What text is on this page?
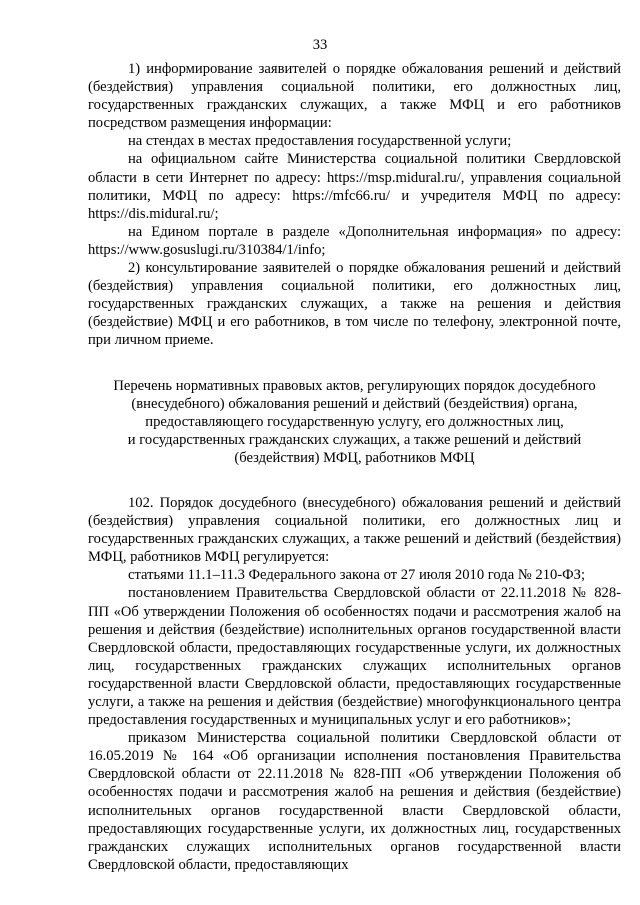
33

1) информирование заявителей о порядке обжалования решений и действий (бездействия) управления социальной политики, его должностных лиц, государственных гражданских служащих, а также МФЦ и его работников посредством размещения информации:

на стендах в местах предоставления государственной услуги;

на официальном сайте Министерства социальной политики Свердловской области в сети Интернет по адресу: https://msp.midural.ru/, управления социальной политики, МФЦ по адресу: https://mfc66.ru/ и учредителя МФЦ по адресу: https://dis.midural.ru/;

на Едином портале в разделе «Дополнительная информация» по адресу: https://www.gosuslugi.ru/310384/1/info;

2) консультирование заявителей о порядке обжалования решений и действий (бездействия) управления социальной политики, его должностных лиц, государственных гражданских служащих, а также на решения и действия (бездействие) МФЦ и его работников, в том числе по телефону, электронной почте, при личном приеме.

Перечень нормативных правовых актов, регулирующих порядок досудебного
(внесудебного) обжалования решений и действий (бездействия) органа,
предоставляющего государственную услугу, его должностных лиц,
и государственных гражданских служащих, а также решений и действий
(бездействия) МФЦ, работников МФЦ

102. Порядок досудебного (внесудебного) обжалования решений и действий (бездействия) управления социальной политики, его должностных лиц и государственных гражданских служащих, а также решений и действий (бездействия) МФЦ, работников МФЦ регулируется:

статьями 11.1–11.3 Федерального закона от 27 июля 2010 года № 210-ФЗ;

постановлением Правительства Свердловской области от 22.11.2018 № 828-ПП «Об утверждении Положения об особенностях подачи и рассмотрения жалоб на решения и действия (бездействие) исполнительных органов государственной власти Свердловской области, предоставляющих государственные услуги, их должностных лиц, государственных гражданских служащих исполнительных органов государственной власти Свердловской области, предоставляющих государственные услуги, а также на решения и действия (бездействие) многофункционального центра предоставления государственных и муниципальных услуг и его работников»;

приказом Министерства социальной политики Свердловской области от 16.05.2019 № 164 «Об организации исполнения постановления Правительства Свердловской области от 22.11.2018 № 828-ПП «Об утверждении Положения об особенностях подачи и рассмотрения жалоб на решения и действия (бездействие) исполнительных органов государственной власти Свердловской области, предоставляющих государственные услуги, их должностных лиц, государственных гражданских служащих исполнительных органов государственной власти Свердловской области, предоставляющих
